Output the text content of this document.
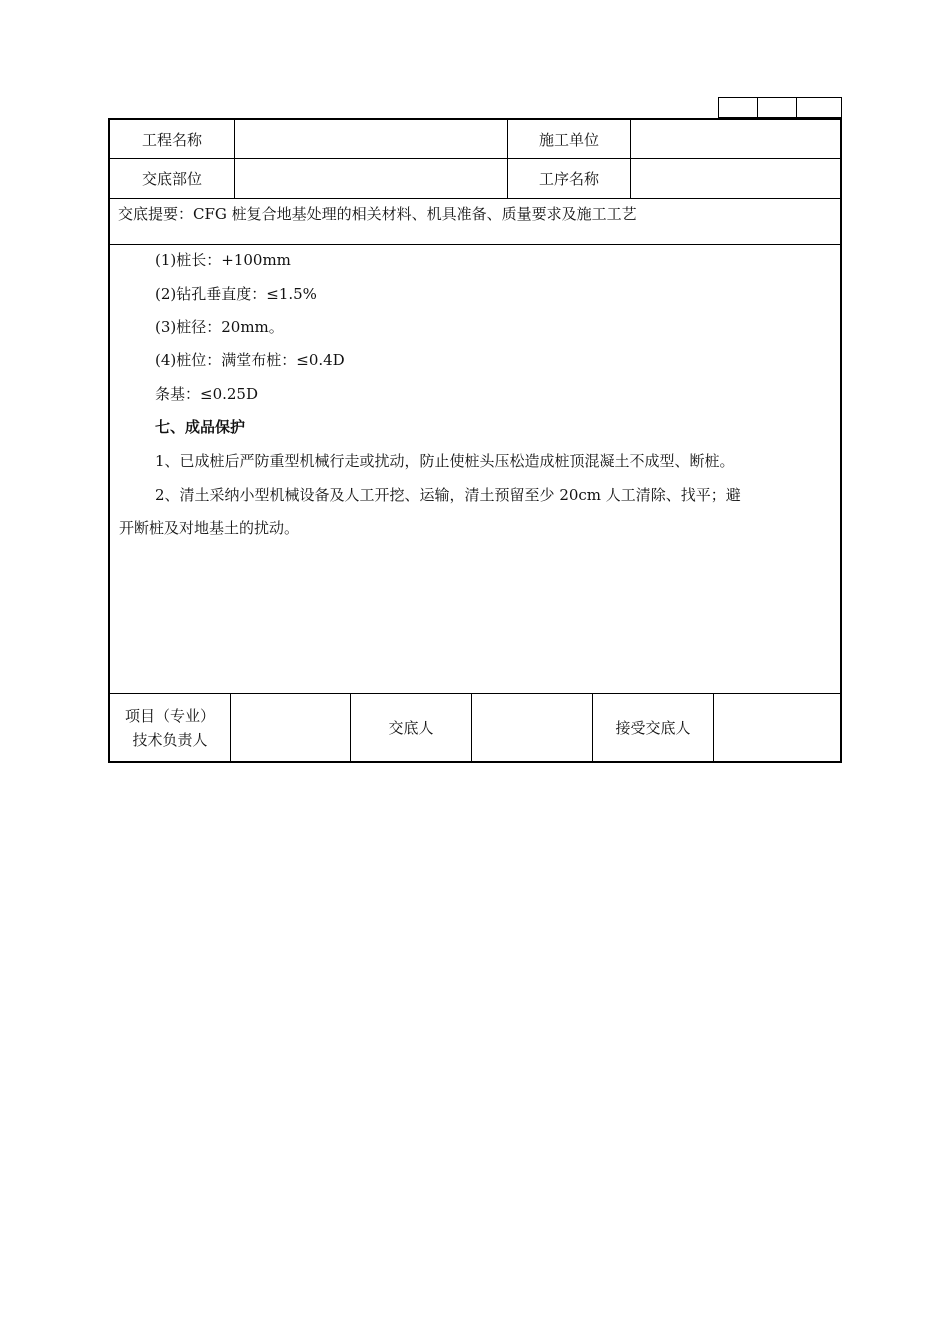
工程名称	施工单位
交底部位	工序名称
交底提要：CFG 桩复合地基处理的相关材料、机具准备、质量要求及施工工艺
(1)桩长：+100mm
(2)钻孔垂直度：≤1.5%
(3)桩径：20mm。
(4)桩位：满堂布桩：≤0.4D
条基：≤0.25D
七、成品保护
1、已成桩后严防重型机械行走或扰动，防止使桩头压松造成桩顶混凝土不成型、断桩。
2、清土采纳小型机械设备及人工开挖、运输，清土预留至少 20cm 人工清除、找平；避
开断桩及对地基土的扰动。
项目（专业）
技术负责人
交底人	接受交底人
